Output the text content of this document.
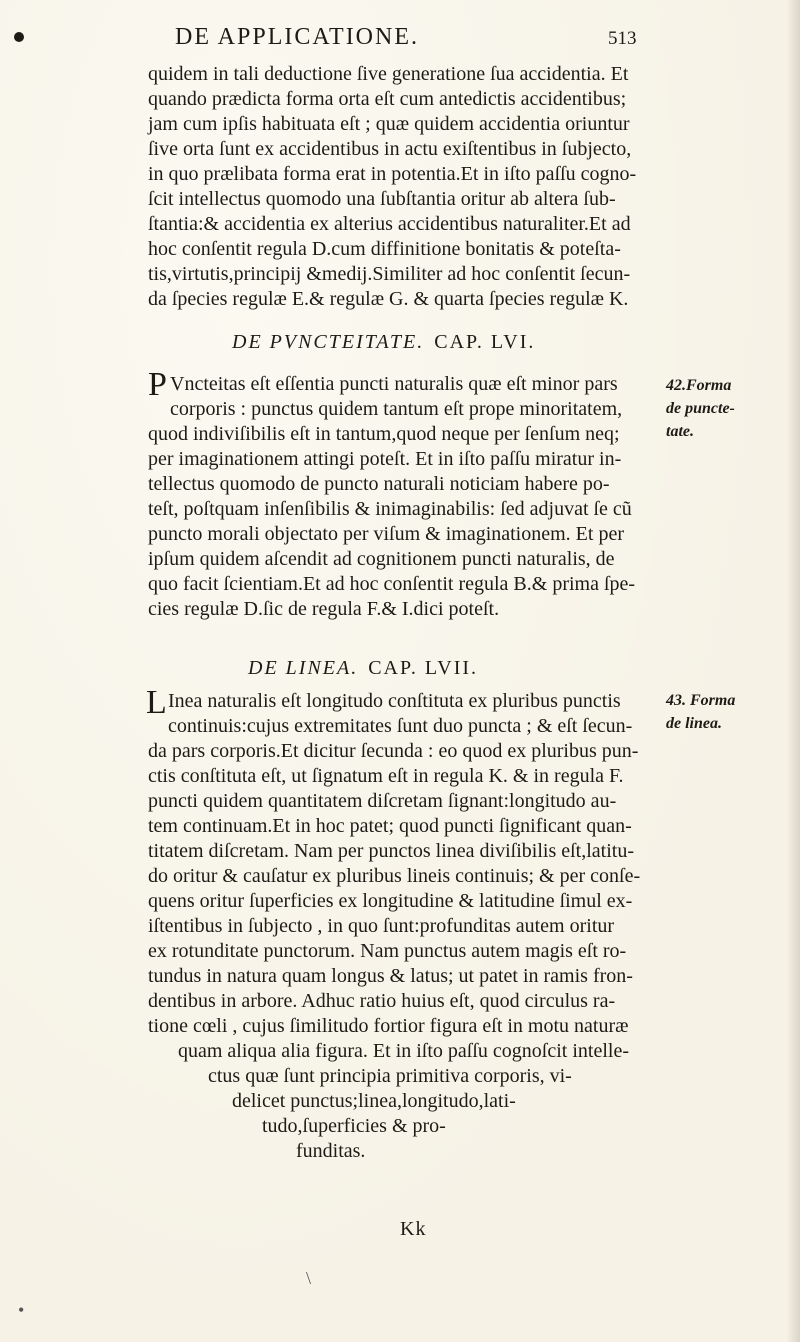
DE APPLICATIONE.	513
quidem in tali deductione ſive generatione ſua accidentia. Et
quando prædicta forma orta eſt cum antedictis accidentibus;
jam cum ipſis habituata eſt ; quæ quidem accidentia oriuntur
ſive orta ſunt ex accidentibus in actu exiſtentibus in ſubjecto,
in quo prælibata forma erat in potentia.Et in iſto paſſu cogno-
ſcit intellectus quomodo una ſubſtantia oritur ab altera ſub-
ſtantia:& accidentia ex alterius accidentibus naturaliter.Et ad
hoc conſentit regula D.cum diffinitione bonitatis & poteſta-
tis,virtutis,principij &medij.Similiter ad hoc conſentit ſecun-
da ſpecies regulæ E.& regulæ G. & quarta ſpecies regulæ K.
DE PVNCTEITATE. CAP. LVI.
P Vncteitas eſt eſſentia puncti naturalis quæ eſt minor pars
corporis : punctus quidem tantum eſt prope minoritatem,
quod indiviſibilis eſt in tantum,quod neque per ſenſum neq;
per imaginationem attingi poteſt. Et in iſto paſſu miratur in-
tellectus quomodo de puncto naturali noticiam habere po-
teſt, poſtquam inſenſibilis & inimaginabilis: ſed adjuvat ſe cũ
puncto morali objectato per viſum & imaginationem. Et per
ipſum quidem aſcendit ad cognitionem puncti naturalis, de
quo facit ſcientiam.Et ad hoc conſentit regula B.& prima ſpe-
cies regulæ D.ſic de regula F.& I.dici poteſt.
42.Forma
de puncte-
tate.
DE LINEA. CAP. LVII.
L Inea naturalis eſt longitudo conſtituta ex pluribus punctis
continuis:cujus extremitates ſunt duo puncta ; & eſt ſecun-
da pars corporis.Et dicitur ſecunda : eo quod ex pluribus pun-
ctis conſtituta eſt, ut ſignatum eſt in regula K. & in regula F.
puncti quidem quantitatem diſcretam ſignant:longitudo au-
tem continuam.Et in hoc patet; quod puncti ſignificant quan-
titatem diſcretam. Nam per punctos linea diviſibilis eſt,latitu-
do oritur & cauſatur ex pluribus lineis continuis; & per conſe-
quens oritur ſuperficies ex longitudine & latitudine ſimul ex-
iſtentibus in ſubjecto , in quo ſunt:profunditas autem oritur
ex rotunditate punctorum. Nam punctus autem magis eſt ro-
tundus in natura quam longus & latus; ut patet in ramis fron-
dentibus in arbore. Adhuc ratio huius eſt, quod circulus ra-
tione cœli , cujus ſimilitudo fortior figura eſt in motu naturæ
quam aliqua alia figura. Et in iſto paſſu cognoſcit intelle-
ctus quæ ſunt principia primitiva corporis, vi-
delicet punctus;linea,longitudo,lati-
tudo,ſuperficies & pro-
funditas.
43. Forma
de linea.
Kk
\
•
